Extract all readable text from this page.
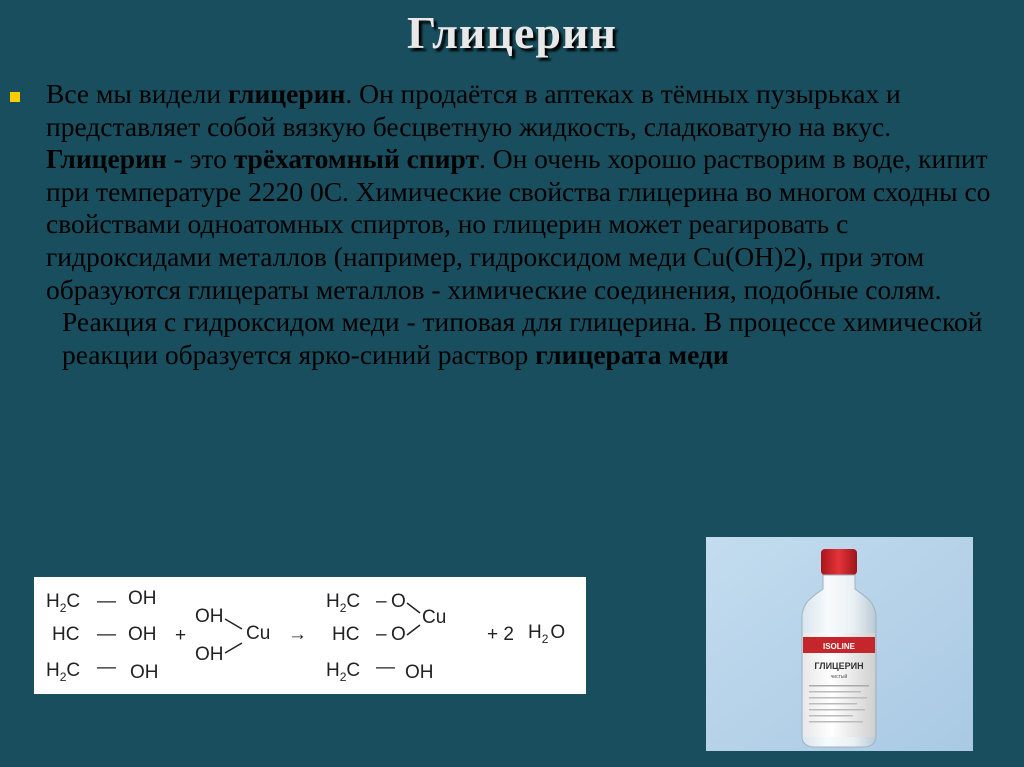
Глицерин

Все мы видели глицерин. Он продаётся в аптеках в тёмных пузырьках и представляет собой вязкую бесцветную жидкость, сладковатую на вкус. Глицерин - это трёхатомный спирт. Он очень хорошо растворим в воде, кипит при температуре 2220 0С. Химические свойства глицерина во многом сходны со свойствами одноатомных спиртов, но глицерин может реагировать с гидроксидами металлов (например, гидроксидом меди Cu(OH)2), при этом образуются глицераты металлов - химические соединения, подобные солям.

Реакция с гидроксидом меди - типовая для глицерина. В процессе химической реакции образуется ярко-синий раствор глицерата меди

$H_2C$ — OH
HC — OH
$H_2C$ — OH
+
OH
OH
Cu →
$H_2C$ – O
HC – O
Cu
$H_2C$ — OH
+ 2 $H_2$ O
ISOLINE
ГЛИЦЕРИН
чистый
